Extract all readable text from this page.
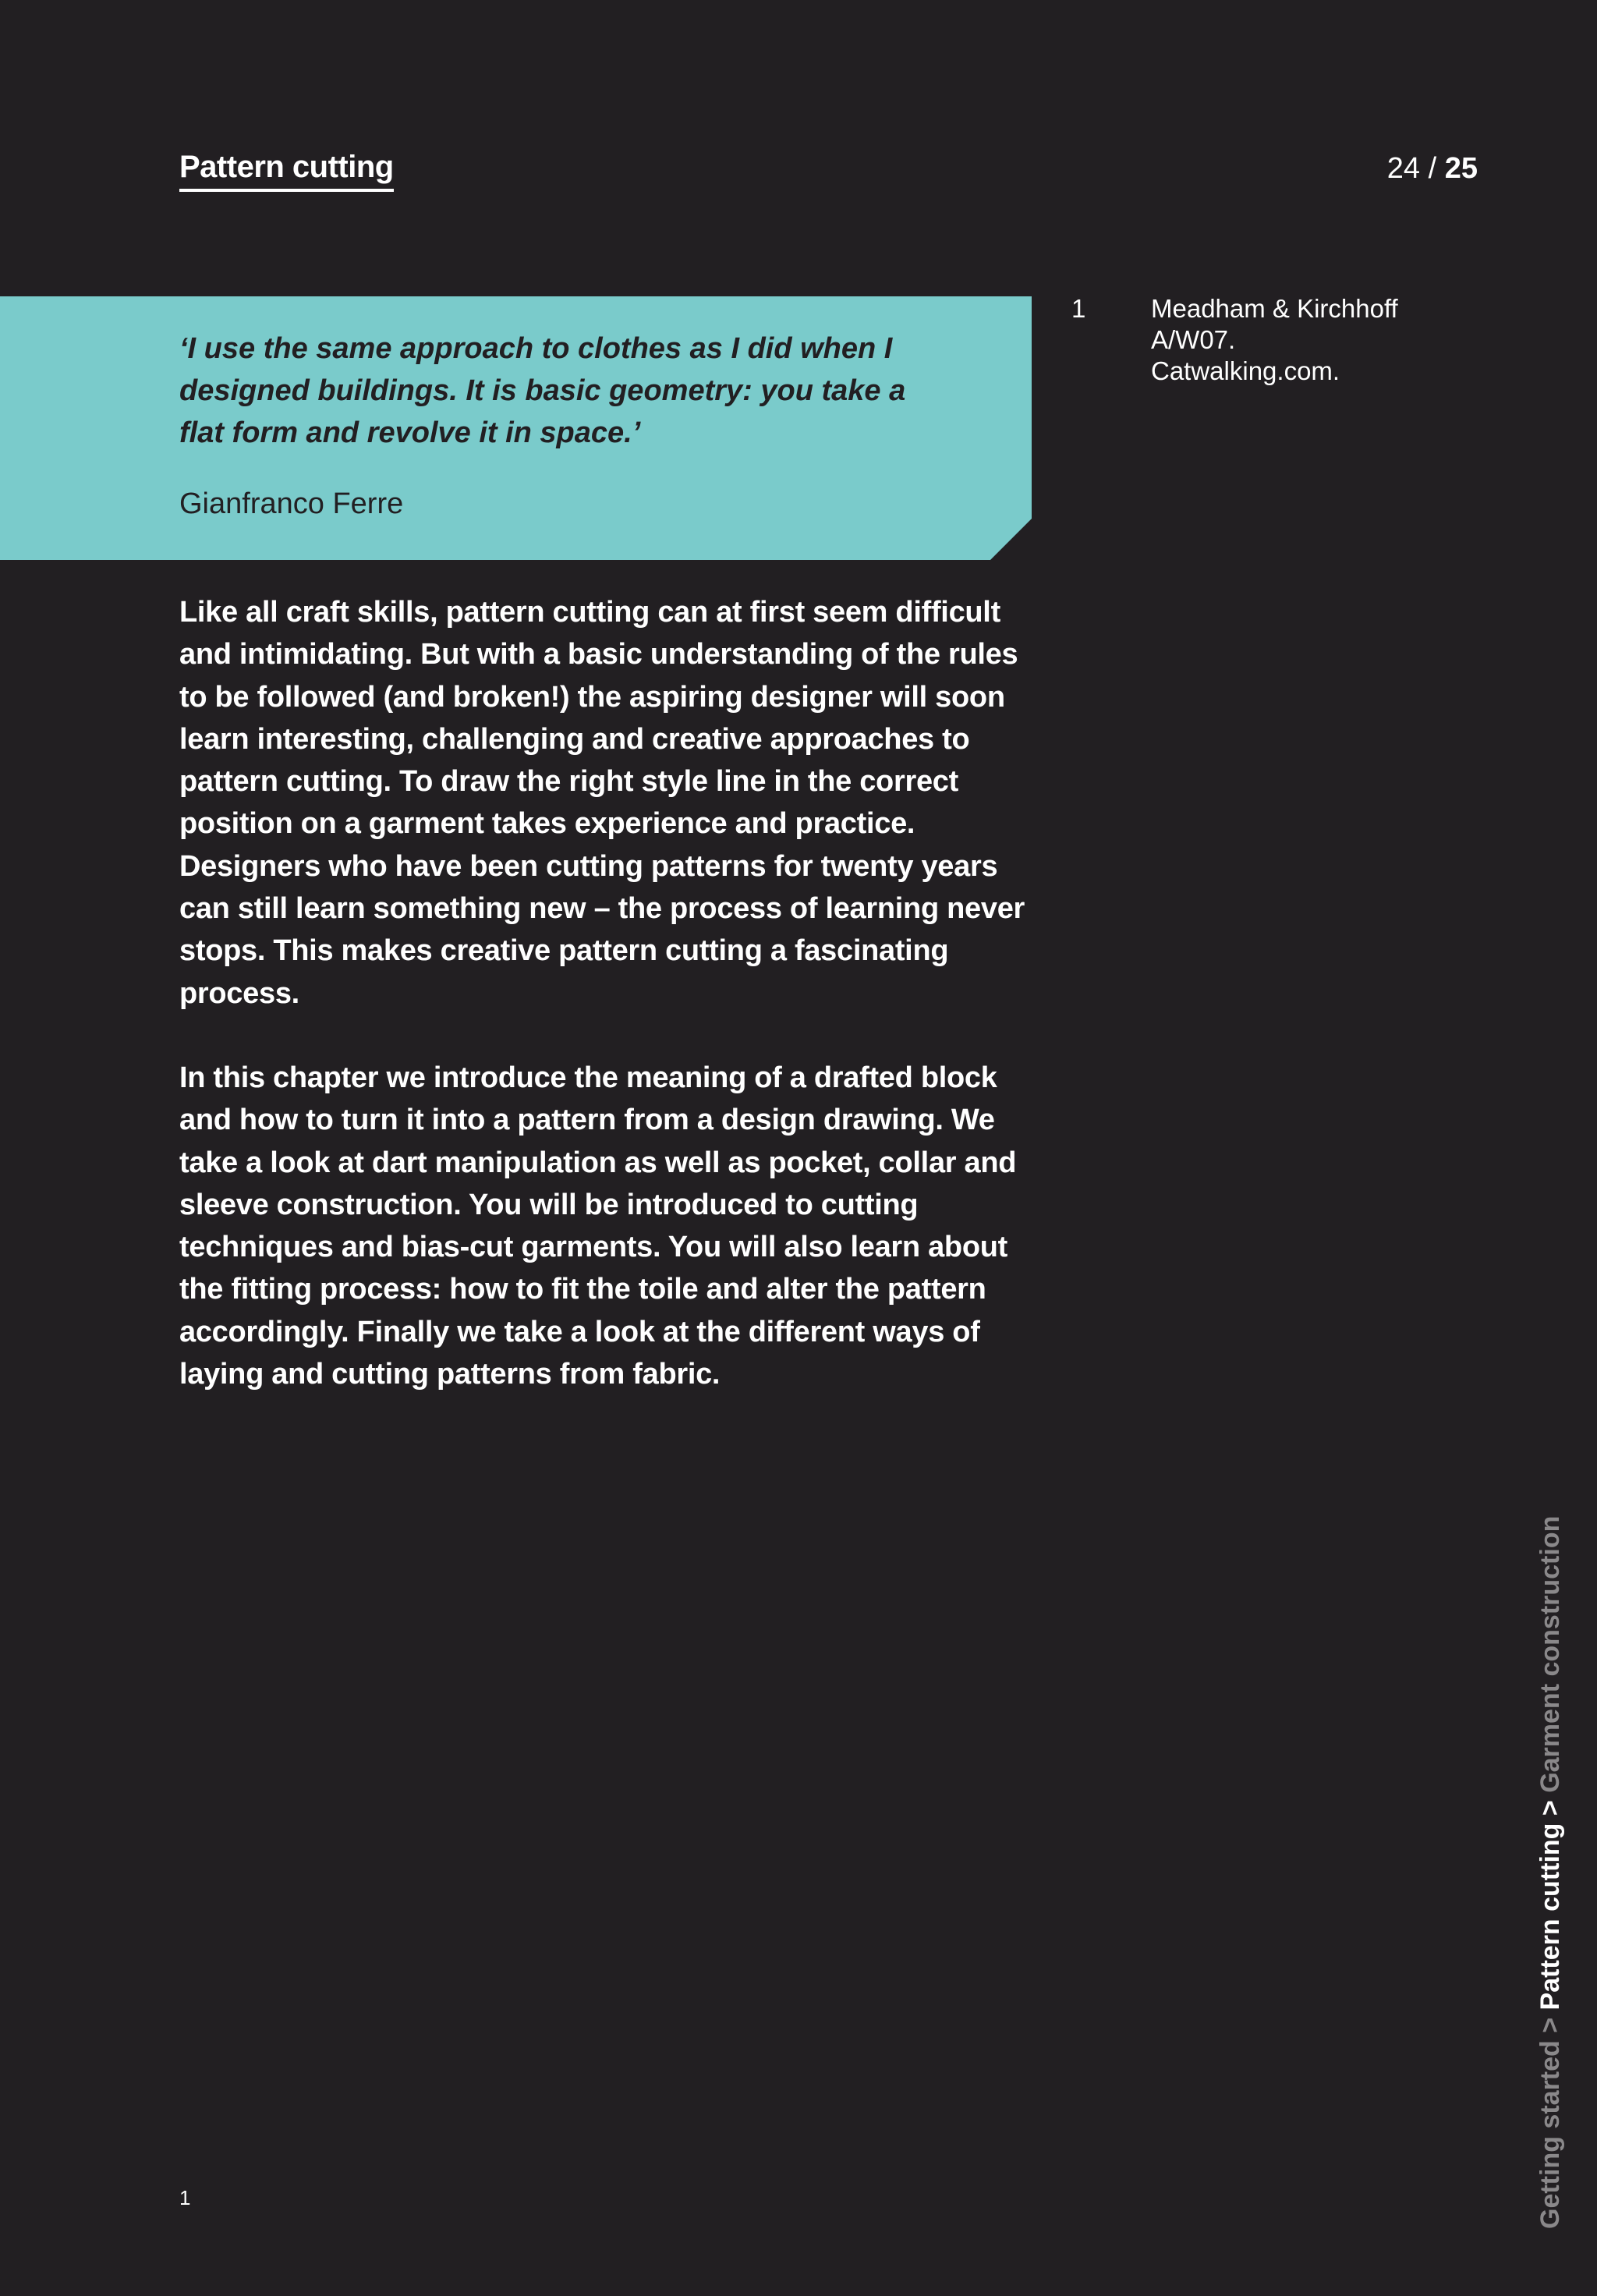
Pattern cutting	24 / 25
‘I use the same approach to clothes as I did when I designed buildings. It is basic geometry: you take a flat form and revolve it in space.’
Gianfranco Ferre
1	Meadham & Kirchhoff
A/W07.
Catwalking.com.

Like all craft skills, pattern cutting can at first seem difficult and intimidating. But with a basic understanding of the rules to be followed (and broken!) the aspiring designer will soon learn interesting, challenging and creative approaches to pattern cutting. To draw the right style line in the correct position on a garment takes experience and practice. Designers who have been cutting patterns for twenty years can still learn something new – the process of learning never stops. This makes creative pattern cutting a fascinating process.

In this chapter we introduce the meaning of a drafted block and how to turn it into a pattern from a design drawing. We take a look at dart manipulation as well as pocket, collar and sleeve construction. You will be introduced to cutting techniques and bias-cut garments. You will also learn about the fitting process: how to fit the toile and alter the pattern accordingly. Finally we take a look at the different ways of laying and cutting patterns from fabric.

1	Getting started > Pattern cutting > Garment construction
